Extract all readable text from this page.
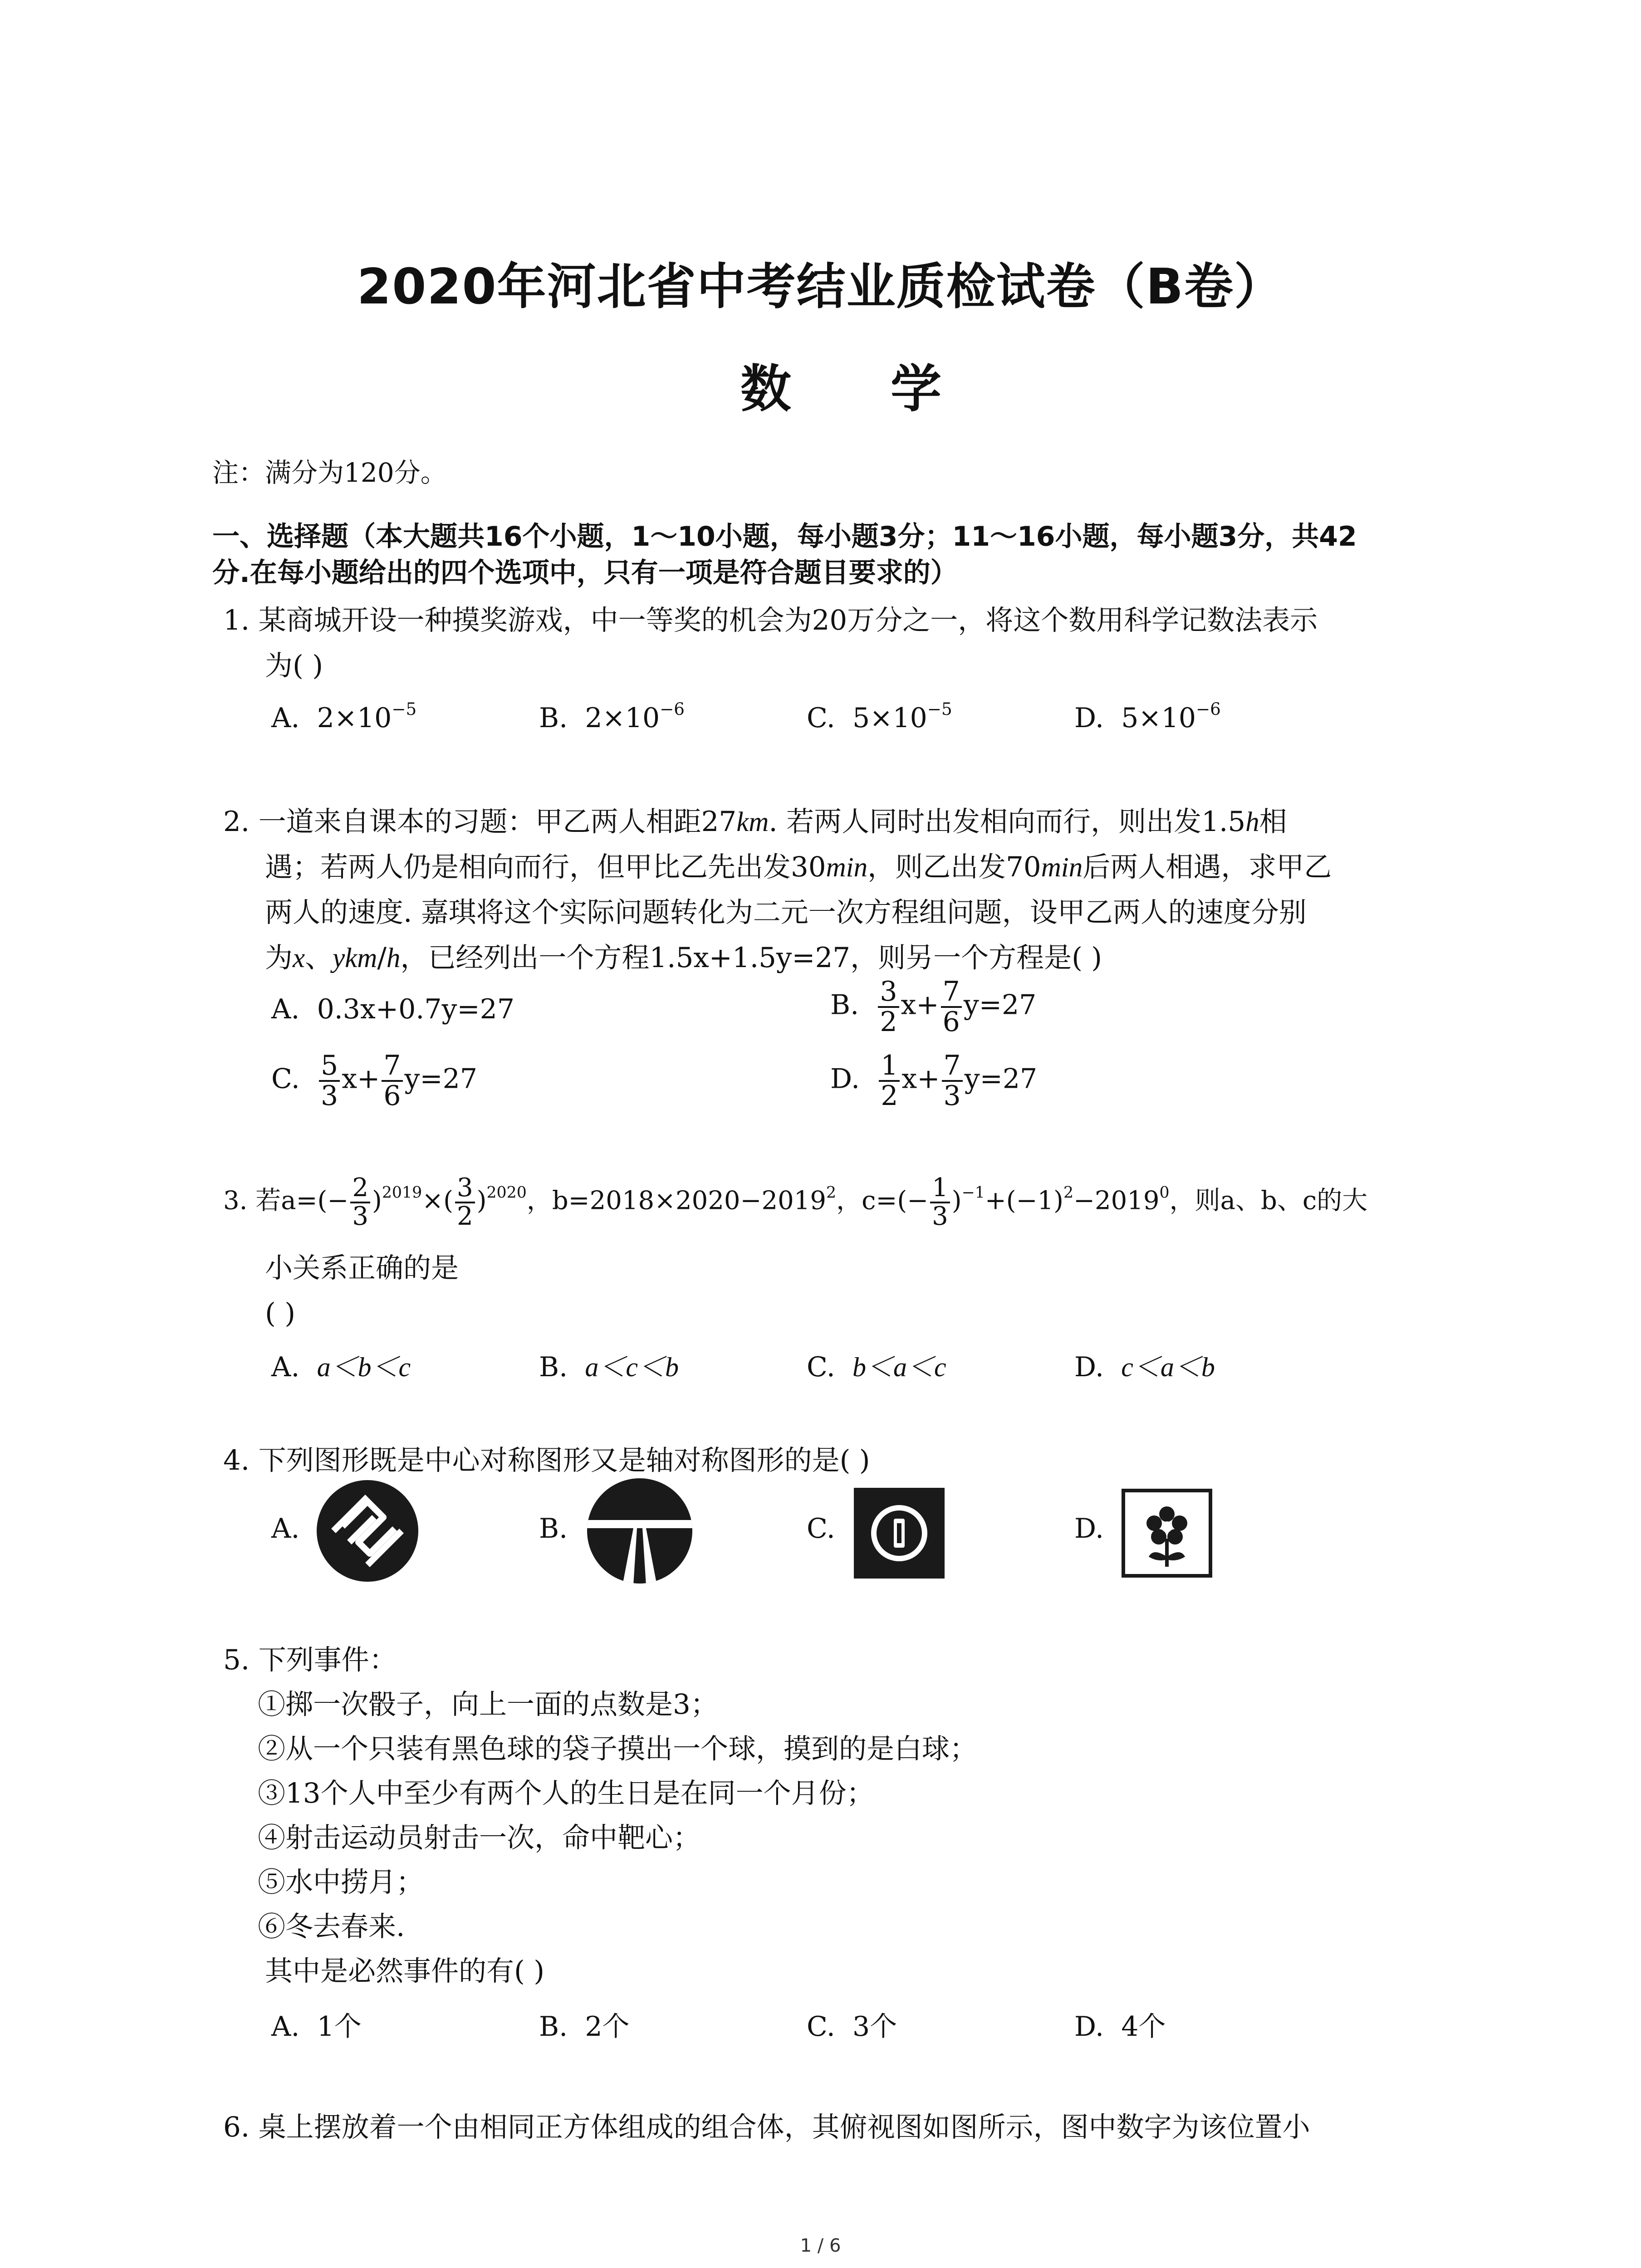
2020年河北省中考结业质检试卷（B卷）
数 学
注：满分为120分。
一、选择题（本大题共16个小题，1～10小题，每小题3分；11～16小题，每小题3分，共42
分.在每小题给出的四个选项中，只有一项是符合题目要求的）
1. 某商城开设一种摸奖游戏，中一等奖的机会为20万分之一，将这个数用科学记数法表示
为( )
A. $2\times 10^{-5}$	B. $2\times 10^{-6}$	C. $5\times 10^{-5}$	D. $5\times 10^{-6}$
2. 一道来自课本的习题：甲乙两人相距27km. 若两人同时出发相向而行，则出发1.5h相
遇；若两人仍是相向而行，但甲比乙先出发30min，则乙出发70min后两人相遇，求甲乙
两人的速度. 嘉琪将这个实际问题转化为二元一次方程组问题，设甲乙两人的速度分别
为x、ykm/h，已经列出一个方程1.5x+1.5y=27，则另一个方程是( )
A. 0.3x+0.7y=27	B. $\frac{3}{2} x+ \frac{7}{6} y=27$
C. $\frac{5}{3} x+ \frac{7}{6} y=27$	D. $\frac{1}{2} x+ \frac{7}{3} y=27$
3. 若$a=(- \frac{2}{3} )^{2019}\times( \frac{3}{2} )^{2020}$，$b=2018\times 2020-2019^2$，$c=(- \frac{1}{3} )^{-1}+(-1)^2-2019^0$，则a、b、c的大
小关系正确的是
( )
A. a＜b＜c	B. a＜c＜b	C. b＜a＜c	D. c＜a＜b
4. 下列图形既是中心对称图形又是轴对称图形的是( )
A.	B.	C.	D.
5. 下列事件：
①掷一次骰子，向上一面的点数是3；
②从一个只装有黑色球的袋子摸出一个球，摸到的是白球；
③13个人中至少有两个人的生日是在同一个月份；
④射击运动员射击一次，命中靶心；
⑤水中捞月；
⑥冬去春来.
其中是必然事件的有( )
A. 1个	B. 2个	C. 3个	D. 4个
6. 桌上摆放着一个由相同正方体组成的组合体，其俯视图如图所示，图中数字为该位置小
1 / 6
